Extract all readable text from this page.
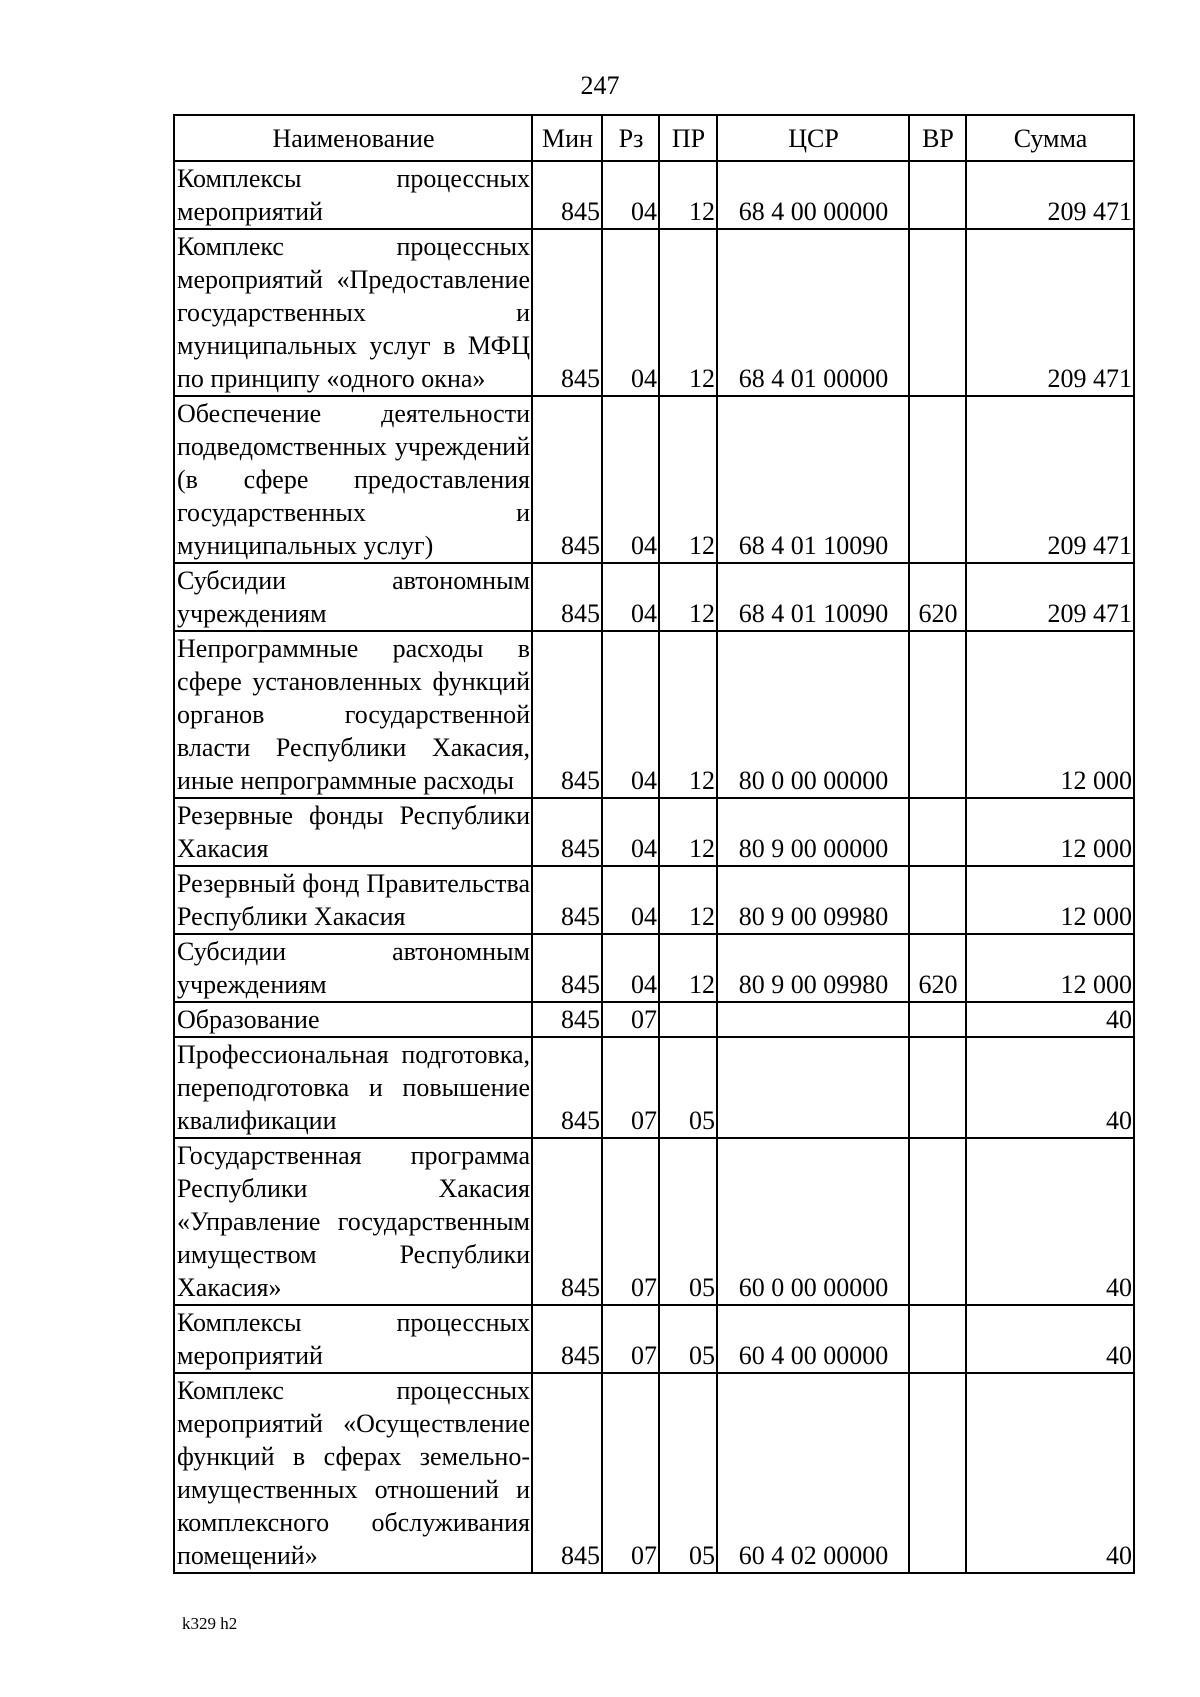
247
Наименование	Мин	Рз	ПР	ЦСР	ВР	Сумма
Комплексы процессных мероприятий	845	04	12	68 4 00 00000		209 471
Комплекс процессных мероприятий «Предоставление государственных и муниципальных услуг в МФЦ по принципу «одного окна»	845	04	12	68 4 01 00000		209 471
Обеспечение деятельности подведомственных учреждений (в сфере предоставления государственных и муниципальных услуг)	845	04	12	68 4 01 10090		209 471
Субсидии автономным учреждениям	845	04	12	68 4 01 10090	620	209 471
Непрограммные расходы в сфере установленных функций органов государственной власти Республики Хакасия, иные непрограммные расходы	845	04	12	80 0 00 00000		12 000
Резервные фонды Республики Хакасия	845	04	12	80 9 00 00000		12 000
Резервный фонд Правительства Республики Хакасия	845	04	12	80 9 00 09980		12 000
Субсидии автономным учреждениям	845	04	12	80 9 00 09980	620	12 000
Образование	845	07				40
Профессиональная подготовка, переподготовка и повышение квалификации	845	07	05			40
Государственная программа Республики Хакасия «Управление государственным имуществом Республики Хакасия»	845	07	05	60 0 00 00000		40
Комплексы процессных мероприятий	845	07	05	60 4 00 00000		40
Комплекс процессных мероприятий «Осуществление функций в сферах земельно-имущественных отношений и комплексного обслуживания помещений»	845	07	05	60 4 02 00000		40
k329 h2
